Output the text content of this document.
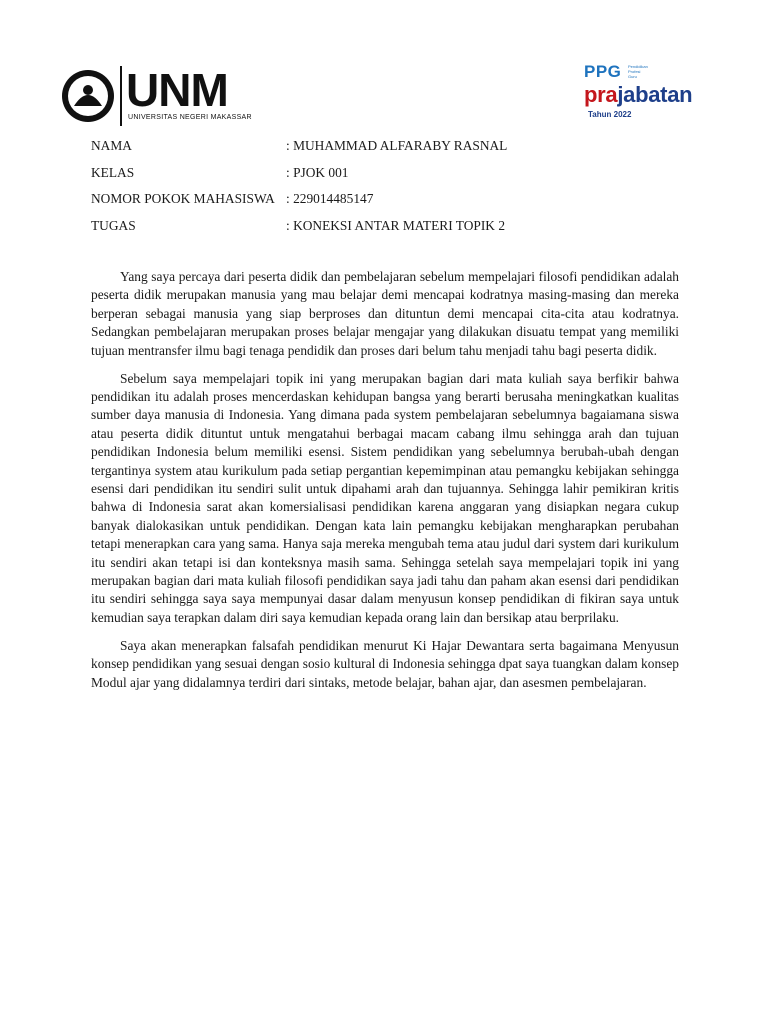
UNM
UNIVERSITAS NEGERI MAKASSAR
PPG Pendidikan Profesi Guru
prajabatan
Tahun 2022
NAMA	: MUHAMMAD ALFARABY RASNAL
KELAS	: PJOK 001
NOMOR POKOK MAHASISWA : 229014485147
TUGAS	: KONEKSI ANTAR MATERI TOPIK 2

Yang saya percaya dari peserta didik dan pembelajaran sebelum mempelajari filosofi pendidikan adalah peserta didik merupakan manusia yang mau belajar demi mencapai kodratnya masing-masing dan mereka berperan sebagai manusia yang siap berproses dan dituntun demi mencapai cita-cita atau kodratnya. Sedangkan pembelajaran merupakan proses belajar mengajar yang dilakukan disuatu tempat yang memiliki tujuan mentransfer ilmu bagi tenaga pendidik dan proses dari belum tahu menjadi tahu bagi peserta didik.

Sebelum saya mempelajari topik ini yang merupakan bagian dari mata kuliah saya berfikir bahwa pendidikan itu adalah proses mencerdaskan kehidupan bangsa yang berarti berusaha meningkatkan kualitas sumber daya manusia di Indonesia. Yang dimana pada system pembelajaran sebelumnya bagaiamana siswa atau peserta didik dituntut untuk mengatahui berbagai macam cabang ilmu sehingga arah dan tujuan pendidikan Indonesia belum memiliki esensi. Sistem pendidikan yang sebelumnya berubah-ubah dengan tergantinya system atau kurikulum pada setiap pergantian kepemimpinan atau pemangku kebijakan sehingga esensi dari pendidikan itu sendiri sulit untuk dipahami arah dan tujuannya. Sehingga lahir pemikiran kritis bahwa di Indonesia sarat akan komersialisasi pendidikan karena anggaran yang disiapkan negara cukup banyak dialokasikan untuk pendidikan. Dengan kata lain pemangku kebijakan mengharapkan perubahan tetapi menerapkan cara yang sama. Hanya saja mereka mengubah tema atau judul dari system dari kurikulum itu sendiri akan tetapi isi dan konteksnya masih sama. Sehingga setelah saya mempelajari topik ini yang merupakan bagian dari mata kuliah filosofi pendidikan saya jadi tahu dan paham akan esensi dari pendidikan itu sendiri sehingga saya saya mempunyai dasar dalam menyusun konsep pendidikan di fikiran saya untuk kemudian saya terapkan dalam diri saya kemudian kepada orang lain dan bersikap atau berprilaku.

Saya akan menerapkan falsafah pendidikan menurut Ki Hajar Dewantara serta bagaimana Menyusun konsep pendidikan yang sesuai dengan sosio kultural di Indonesia sehingga dpat saya tuangkan dalam konsep Modul ajar yang didalamnya terdiri dari sintaks, metode belajar, bahan ajar, dan asesmen pembelajaran.
